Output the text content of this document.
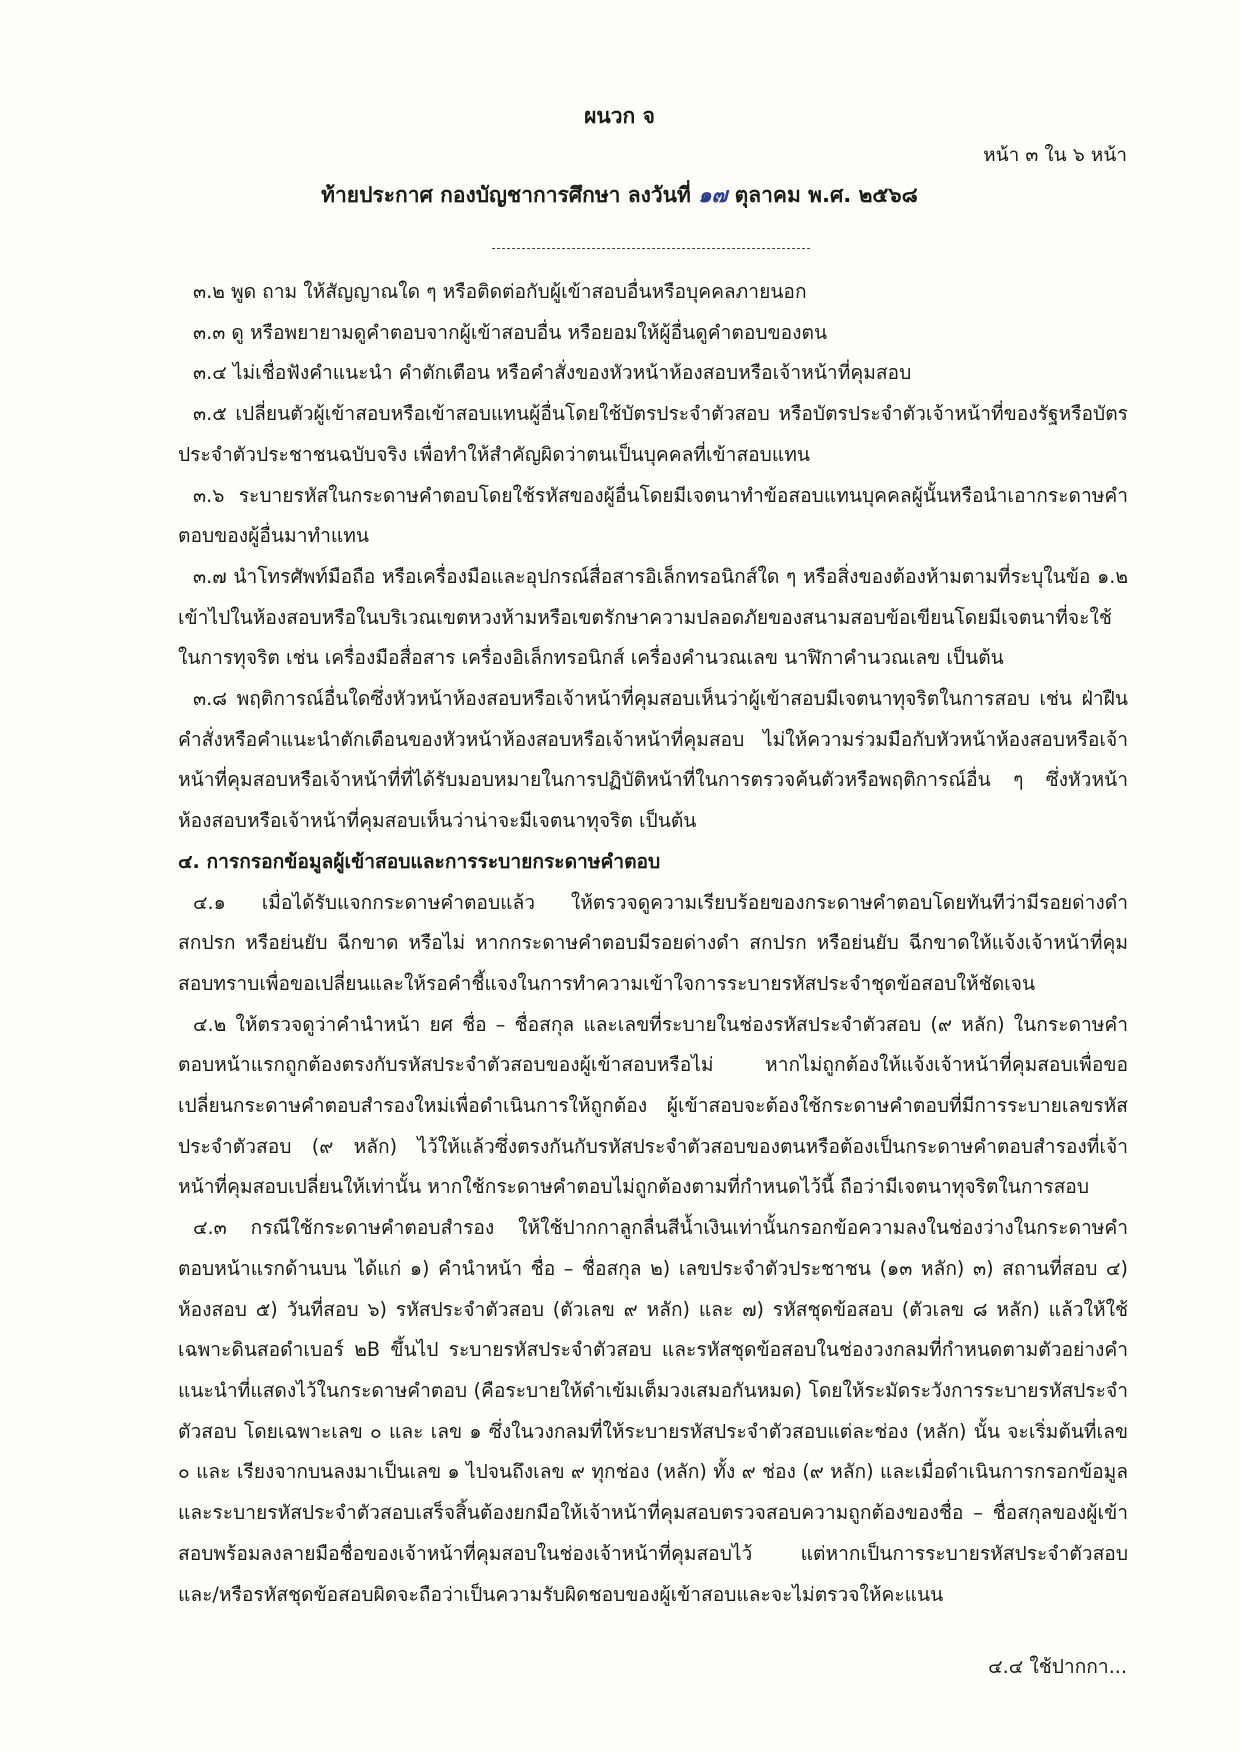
ผนวก จ
หน้า ๓ ใน ๖ หน้า
ท้ายประกาศ กองบัญชาการศึกษา ลงวันที่ ๑๗ ตุลาคม พ.ศ. ๒๕๖๘

๓.๒ พูด ถาม ให้สัญญาณใด ๆ หรือติดต่อกับผู้เข้าสอบอื่นหรือบุคคลภายนอก

๓.๓ ดู หรือพยายามดูคำตอบจากผู้เข้าสอบอื่น หรือยอมให้ผู้อื่นดูคำตอบของตน

๓.๔ ไม่เชื่อฟังคำแนะนำ คำตักเตือน หรือคำสั่งของหัวหน้าห้องสอบหรือเจ้าหน้าที่คุมสอบ

๓.๕ เปลี่ยนตัวผู้เข้าสอบหรือเข้าสอบแทนผู้อื่นโดยใช้บัตรประจำตัวสอบ หรือบัตรประจำตัวเจ้าหน้าที่ของรัฐหรือบัตรประจำตัวประชาชนฉบับจริง เพื่อทำให้สำคัญผิดว่าตนเป็นบุคคลที่เข้าสอบแทน

๓.๖ ระบายรหัสในกระดาษคำตอบโดยใช้รหัสของผู้อื่นโดยมีเจตนาทำข้อสอบแทนบุคคลผู้นั้นหรือนำเอากระดาษคำตอบของผู้อื่นมาทำแทน

๓.๗ นำโทรศัพท์มือถือ หรือเครื่องมือและอุปกรณ์สื่อสารอิเล็กทรอนิกส์ใด ๆ หรือสิ่งของต้องห้ามตามที่ระบุในข้อ ๑.๒ เข้าไปในห้องสอบหรือในบริเวณเขตหวงห้ามหรือเขตรักษาความปลอดภัยของสนามสอบข้อเขียนโดยมีเจตนาที่จะใช้ในการทุจริต เช่น เครื่องมือสื่อสาร เครื่องอิเล็กทรอนิกส์ เครื่องคำนวณเลข นาฬิกาคำนวณเลข เป็นต้น

๓.๘ พฤติการณ์อื่นใดซึ่งหัวหน้าห้องสอบหรือเจ้าหน้าที่คุมสอบเห็นว่าผู้เข้าสอบมีเจตนาทุจริตในการสอบ เช่น ฝ่าฝืนคำสั่งหรือคำแนะนำตักเตือนของหัวหน้าห้องสอบหรือเจ้าหน้าที่คุมสอบ ไม่ให้ความร่วมมือกับหัวหน้าห้องสอบหรือเจ้าหน้าที่คุมสอบหรือเจ้าหน้าที่ที่ได้รับมอบหมายในการปฏิบัติหน้าที่ในการตรวจค้นตัวหรือพฤติการณ์อื่น ๆ ซึ่งหัวหน้าห้องสอบหรือเจ้าหน้าที่คุมสอบเห็นว่าน่าจะมีเจตนาทุจริต เป็นต้น

๔. การกรอกข้อมูลผู้เข้าสอบและการระบายกระดาษคำตอบ

๔.๑ เมื่อได้รับแจกกระดาษคำตอบแล้ว ให้ตรวจดูความเรียบร้อยของกระดาษคำตอบโดยทันทีว่ามีรอยด่างดำ สกปรก หรือย่นยับ ฉีกขาด หรือไม่ หากกระดาษคำตอบมีรอยด่างดำ สกปรก หรือย่นยับ ฉีกขาดให้แจ้งเจ้าหน้าที่คุมสอบทราบเพื่อขอเปลี่ยนและให้รอคำชี้แจงในการทำความเข้าใจการระบายรหัสประจำชุดข้อสอบให้ชัดเจน

๔.๒ ให้ตรวจดูว่าคำนำหน้า ยศ ชื่อ – ชื่อสกุล และเลขที่ระบายในช่องรหัสประจำตัวสอบ (๙ หลัก) ในกระดาษคำตอบหน้าแรกถูกต้องตรงกับรหัสประจำตัวสอบของผู้เข้าสอบหรือไม่ หากไม่ถูกต้องให้แจ้งเจ้าหน้าที่คุมสอบเพื่อขอเปลี่ยนกระดาษคำตอบสำรองใหม่เพื่อดำเนินการให้ถูกต้อง ผู้เข้าสอบจะต้องใช้กระดาษคำตอบที่มีการระบายเลขรหัสประจำตัวสอบ (๙ หลัก) ไว้ให้แล้วซึ่งตรงกันกับรหัสประจำตัวสอบของตนหรือต้องเป็นกระดาษคำตอบสำรองที่เจ้าหน้าที่คุมสอบเปลี่ยนให้เท่านั้น หากใช้กระดาษคำตอบไม่ถูกต้องตามที่กำหนดไว้นี้ ถือว่ามีเจตนาทุจริตในการสอบ

๔.๓ กรณีใช้กระดาษคำตอบสำรอง ให้ใช้ปากกาลูกลื่นสีน้ำเงินเท่านั้นกรอกข้อความลงในช่องว่างในกระดาษคำตอบหน้าแรกด้านบน ได้แก่ ๑) คำนำหน้า ชื่อ – ชื่อสกุล ๒) เลขประจำตัวประชาชน (๑๓ หลัก) ๓) สถานที่สอบ ๔) ห้องสอบ ๕) วันที่สอบ ๖) รหัสประจำตัวสอบ (ตัวเลข ๙ หลัก) และ ๗) รหัสชุดข้อสอบ (ตัวเลข ๘ หลัก) แล้วให้ใช้เฉพาะดินสอดำเบอร์ ๒B ขึ้นไป ระบายรหัสประจำตัวสอบ และรหัสชุดข้อสอบในช่องวงกลมที่กำหนดตามตัวอย่างคำแนะนำที่แสดงไว้ในกระดาษคำตอบ (คือระบายให้ดำเข้มเต็มวงเสมอกันหมด) โดยให้ระมัดระวังการระบายรหัสประจำตัวสอบ โดยเฉพาะเลข ๐ และ เลข ๑ ซึ่งในวงกลมที่ให้ระบายรหัสประจำตัวสอบแต่ละช่อง (หลัก) นั้น จะเริ่มต้นที่เลข ๐ และ เรียงจากบนลงมาเป็นเลข ๑ ไปจนถึงเลข ๙ ทุกช่อง (หลัก) ทั้ง ๙ ช่อง (๙ หลัก) และเมื่อดำเนินการกรอกข้อมูลและระบายรหัสประจำตัวสอบเสร็จสิ้นต้องยกมือให้เจ้าหน้าที่คุมสอบตรวจสอบความถูกต้องของชื่อ – ชื่อสกุลของผู้เข้าสอบพร้อมลงลายมือชื่อของเจ้าหน้าที่คุมสอบในช่องเจ้าหน้าที่คุมสอบไว้ แต่หากเป็นการระบายรหัสประจำตัวสอบ และ/หรือรหัสชุดข้อสอบผิดจะถือว่าเป็นความรับผิดชอบของผู้เข้าสอบและจะไม่ตรวจให้คะแนน

๔.๔ ใช้ปากกา...
